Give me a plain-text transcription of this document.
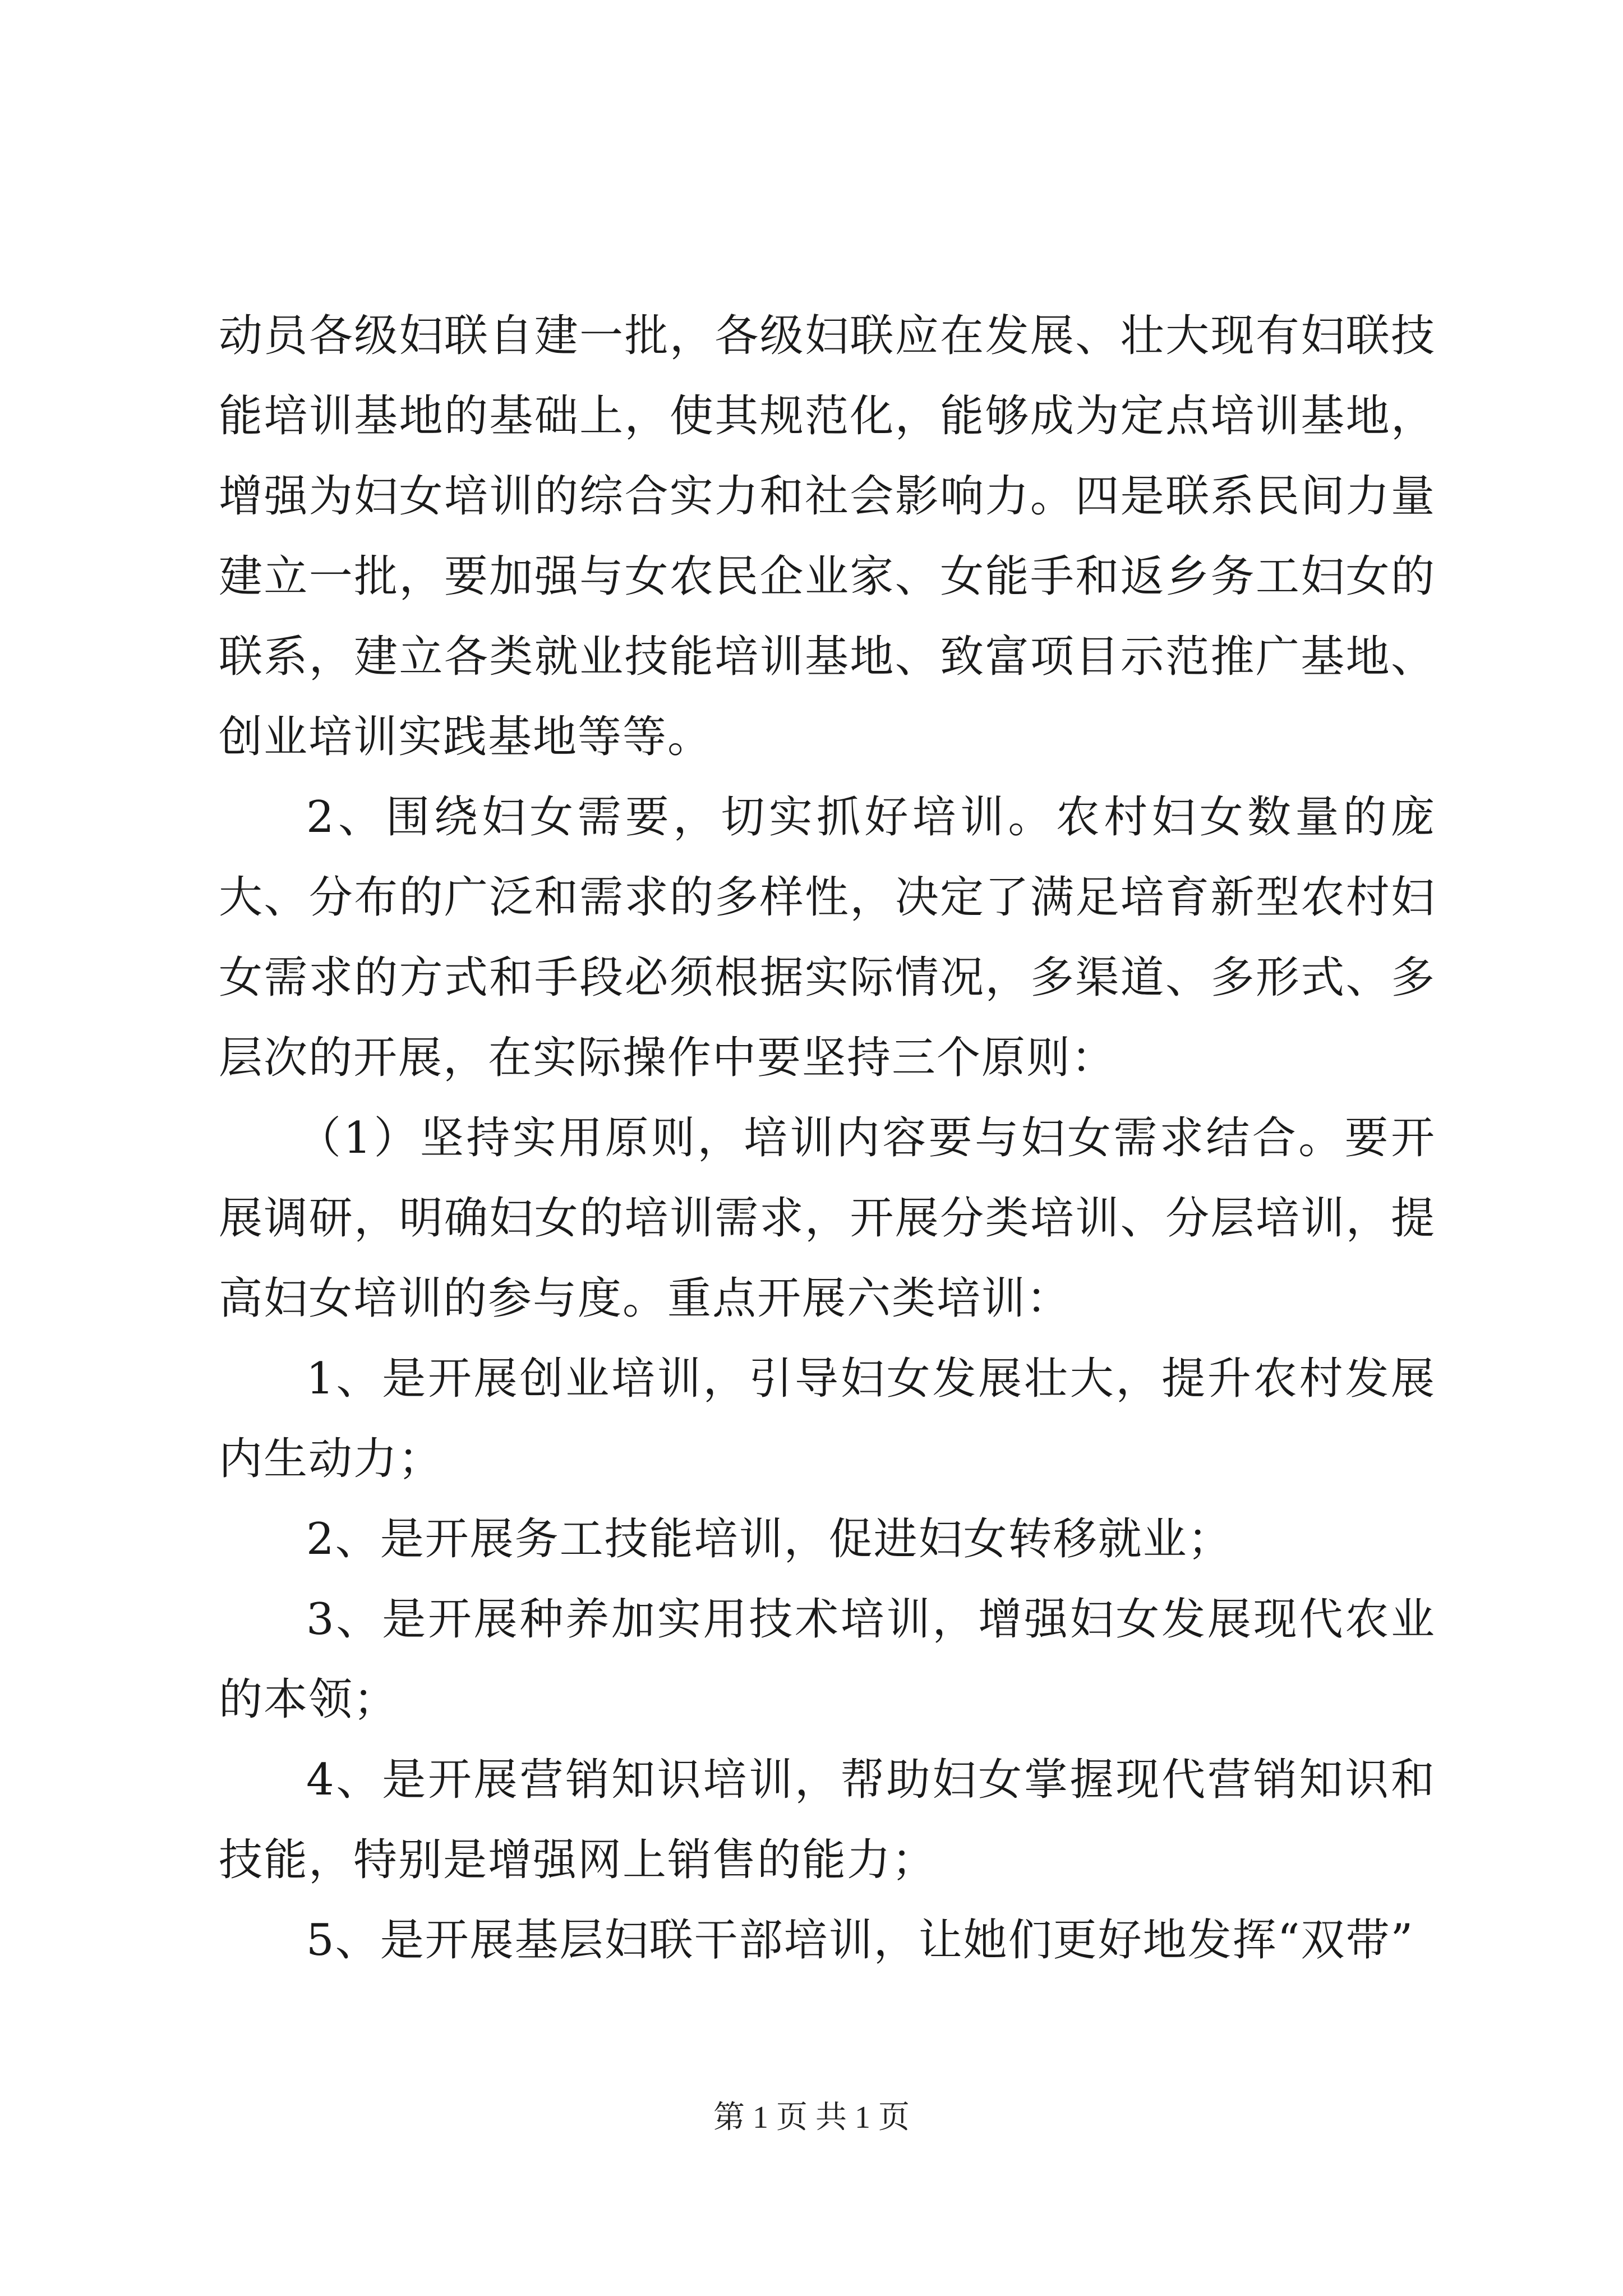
动员各级妇联自建一批，各级妇联应在发展、壮大现有妇联技能培训基地的基础上，使其规范化，能够成为定点培训基地，增强为妇女培训的综合实力和社会影响力。四是联系民间力量建立一批，要加强与女农民企业家、女能手和返乡务工妇女的联系，建立各类就业技能培训基地、致富项目示范推广基地、创业培训实践基地等等。

2、围绕妇女需要，切实抓好培训。农村妇女数量的庞大、分布的广泛和需求的多样性，决定了满足培育新型农村妇女需求的方式和手段必须根据实际情况，多渠道、多形式、多层次的开展，在实际操作中要坚持三个原则：

（1）坚持实用原则，培训内容要与妇女需求结合。要开展调研，明确妇女的培训需求，开展分类培训、分层培训，提高妇女培训的参与度。重点开展六类培训：

1、是开展创业培训，引导妇女发展壮大，提升农村发展内生动力；

2、是开展务工技能培训，促进妇女转移就业；

3、是开展种养加实用技术培训，增强妇女发展现代农业的本领；

4、是开展营销知识培训，帮助妇女掌握现代营销知识和技能，特别是增强网上销售的能力；

5、是开展基层妇联干部培训，让她们更好地发挥“双带”

第 1 页 共 1 页
